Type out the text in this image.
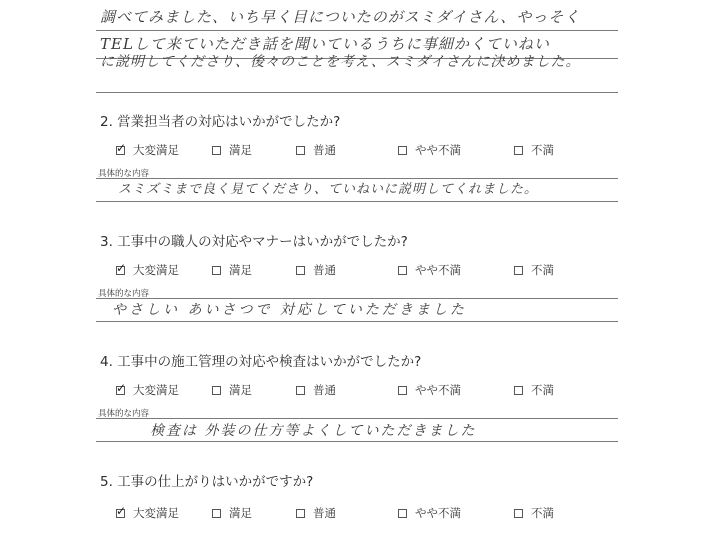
調べてみました、いち早く目についたのがスミダイさん、やっそく
TELして来ていただき話を聞いているうちに事細かくていねい
に説明してくださり、後々のことを考え、スミダイさんに決めました。
2. 営業担当者の対応はいかがでしたか?
✓
大変満足	満足	普通	やや不満	不満
具体的な内容
スミズミまで良く見てくださり、ていねいに説明してくれました。
3. 工事中の職人の対応やマナーはいかがでしたか?
✓
大変満足	満足	普通	やや不満	不満
具体的な内容
やさしい あいさつで 対応していただきました
4. 工事中の施工管理の対応や検査はいかがでしたか?
✓
大変満足	満足	普通	やや不満	不満
具体的な内容
検査は 外装の仕方等よくしていただきました
5. 工事の仕上がりはいかがですか?
✓
大変満足	満足	普通	やや不満	不満
